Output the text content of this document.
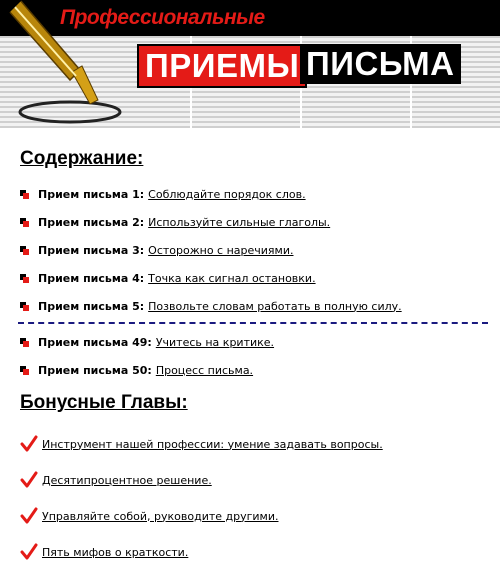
Профессиональные
ПРИЕМЫ ПИСЬМА
Содержание:
Прием письма 1: Соблюдайте порядок слов.
Прием письма 2: Используйте сильные глаголы.
Прием письма 3: Осторожно с наречиями.
Прием письма 4: Точка как сигнал остановки.
Прием письма 5: Позвольте словам работать в полную силу.
Прием письма 49: Учитесь на критике.
Прием письма 50: Процесс письма.
Бонусные Главы:
Инструмент нашей профессии: умение задавать вопросы.
Десятипроцентное решение.
Управляйте собой, руководите другими.
Пять мифов о краткости.
